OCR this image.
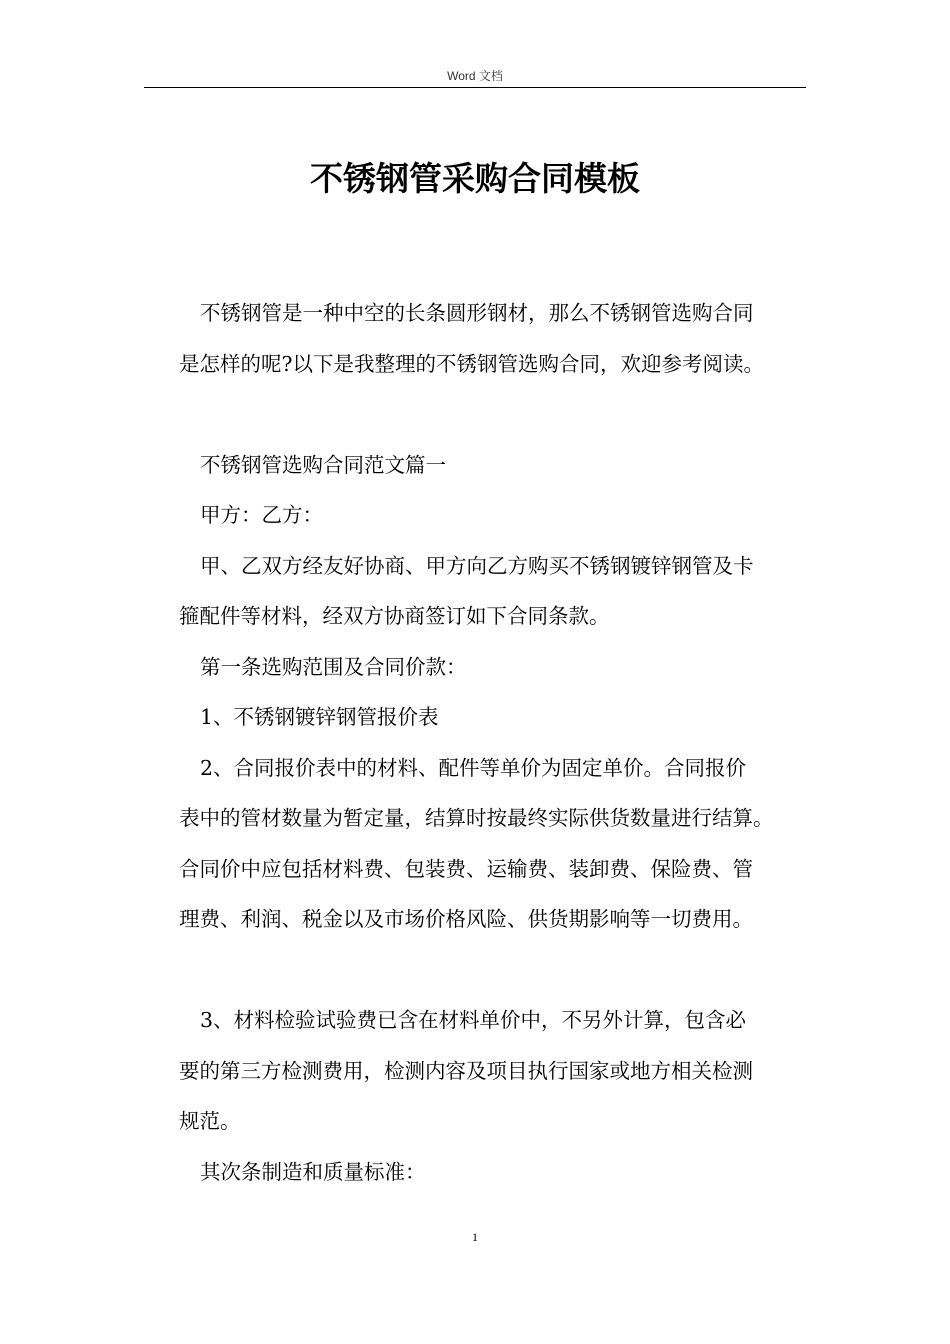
Word 文档
不锈钢管采购合同模板
不锈钢管是一种中空的长条圆形钢材，那么不锈钢管选购合同
是怎样的呢?以下是我整理的不锈钢管选购合同，欢迎参考阅读。
不锈钢管选购合同范文篇一
甲方：乙方：
甲、乙双方经友好协商、甲方向乙方购买不锈钢镀锌钢管及卡
箍配件等材料，经双方协商签订如下合同条款。
第一条选购范围及合同价款：
1、不锈钢镀锌钢管报价表
2、合同报价表中的材料、配件等单价为固定单价。合同报价
表中的管材数量为暂定量，结算时按最终实际供货数量进行结算。
合同价中应包括材料费、包装费、运输费、装卸费、保险费、管
理费、利润、税金以及市场价格风险、供货期影响等一切费用。
3、材料检验试验费已含在材料单价中，不另外计算，包含必
要的第三方检测费用，检测内容及项目执行国家或地方相关检测
规范。
其次条制造和质量标准：
1
